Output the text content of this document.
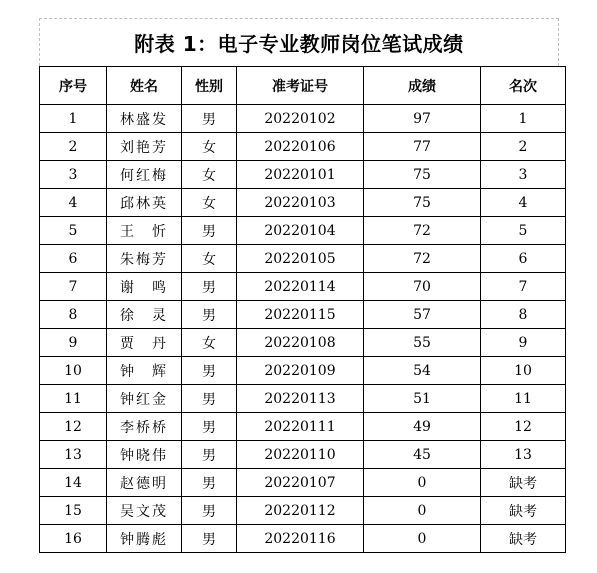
附表 1：电子专业教师岗位笔试成绩
序号	姓名	性别	准考证号	成绩	名次
1	林盛发	男	20220102	97	1
2	刘艳芳	女	20220106	77	2
3	何红梅	女	20220101	75	3
4	邱林英	女	20220103	75	4
5	王　忻	男	20220104	72	5
6	朱梅芳	女	20220105	72	6
7	谢　鸣	男	20220114	70	7
8	徐　灵	男	20220115	57	8
9	贾　丹	女	20220108	55	9
10	钟　辉	男	20220109	54	10
11	钟红金	男	20220113	51	11
12	李桥桥	男	20220111	49	12
13	钟晓伟	男	20220110	45	13
14	赵德明	男	20220107	0	缺考
15	吴文茂	男	20220112	0	缺考
16	钟腾彪	男	20220116	0	缺考
